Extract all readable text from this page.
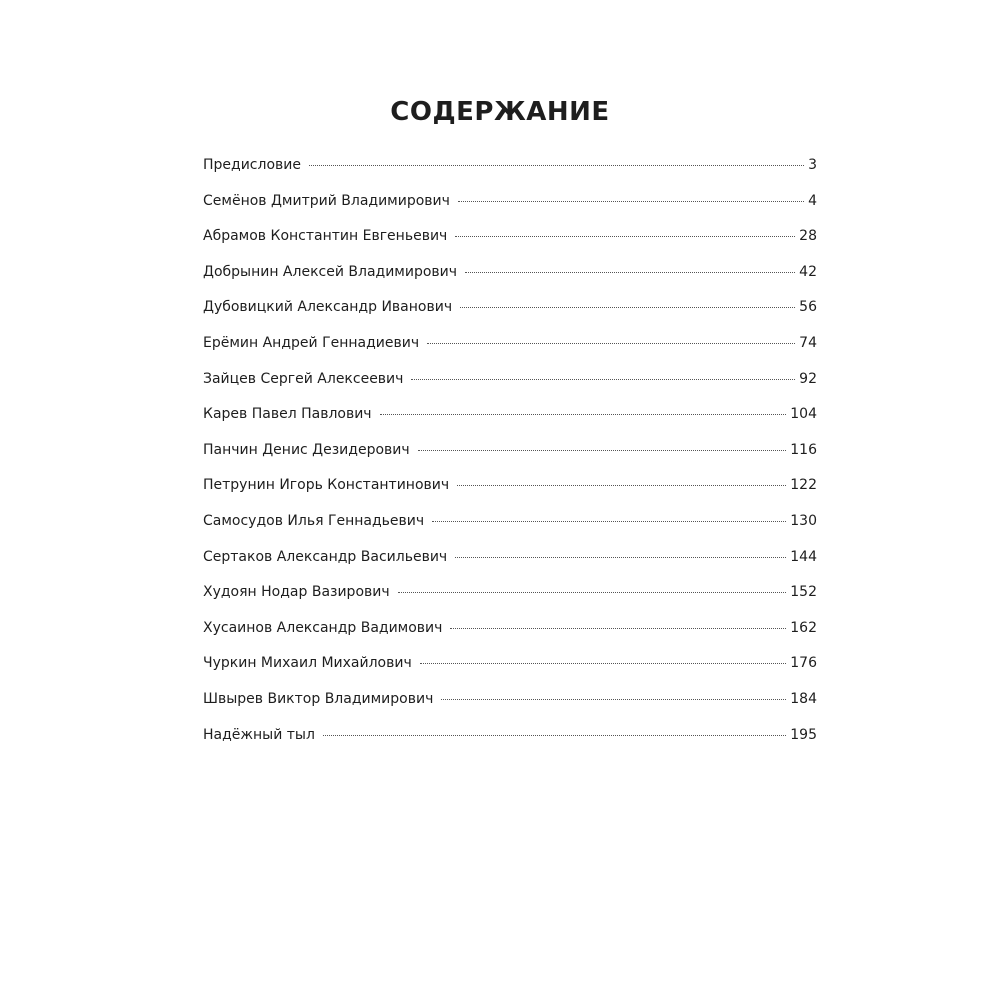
СОДЕРЖАНИЕ
Предисловие	3
Семёнов Дмитрий Владимирович	4
Абрамов Константин Евгеньевич	28
Добрынин Алексей Владимирович	42
Дубовицкий Александр Иванович	56
Ерёмин Андрей Геннадиевич	74
Зайцев Сергей Алексеевич	92
Карев Павел Павлович	104
Панчин Денис Дезидерович	116
Петрунин Игорь Константинович	122
Самосудов Илья Геннадьевич	130
Сертаков Александр Васильевич	144
Худоян Нодар Вазирович	152
Хусаинов Александр Вадимович	162
Чуркин Михаил Михайлович	176
Швырев Виктор Владимирович	184
Надёжный тыл	195
